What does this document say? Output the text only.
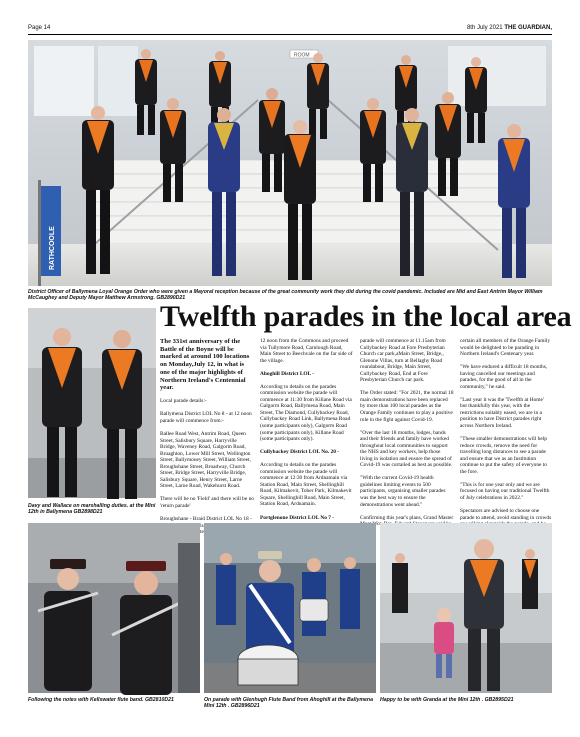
Page 14	8th July 2021 THE GUARDIAN,
RATHCOOLE
ROOM
District Officer of Ballymena Loyal Orange Order who were given a Mayoral reception because of the great community work they did during the covid pandemic. Included are Mid and East Antrim Mayor William McCaughey and Deputy Mayor Matthew Armstrong. GB2890D21
Davy and Wallace on marshalling duties. at the Mini 12th in Ballymena GB2898D21
Twelfth parades in the local area

The 331st anniversary of the Battle of the Boyne will be marked at around 100 locations on Monday,July 12, in what is one of the major highlights of Northern Ireland's Centennial year.

Local parade details:-

Ballymena District LOL No 8 - at 12 noon parade will commence from:-

Ballee Road West, Antrim Road, Queen Street, Salisbury Square, Harryville Bridge, Waveney Road, Galgorm Road, Bruaghton, Lower Mill Street, Wellington Street, Ballymoney Street, William Street, Broughshane Street, Broadway, Church Street, Bridge Street, Harryville Bridge, Salisbury Square, Henry Street, Larne Street, Larne Road, Wakehurst Road.

There will be no 'Field' and there will be no 'return parade'

Broughshane - Braid District LOL No 18 -

12 noon from the Commons and proceed via Tullymore Road, Carnlough Road, Main Street to Beechvale on the far side of the village.

Ahoghill District LOL -

According to details on the parades commission website the parade will commence at 11:30 from Killane Road via Galgorm Road, Ballymena Road, Main Street, The Diamond, Cullybackey Road, Cullybackey Road Link, Ballymena Road (some participants only), Galgorm Road (some participants only), Killane Road (some participants only).

Cullybackey District LOL No. 20 -

According to details on the parades commission website the parade will commence at 12:30 from Ardnamain via Station Road, Main Street, Shellinghill Road, Kilmakevit, Tober Park, Kilmakevit Square, Shellinghill Road, Main Street, Station Road, Ardnamain.

Portglenone District LOL No 7 -

parade will commence at 11.15am from Cullybackey Road at Fore Presbyterian Church car park,aMain Street, Bridge,, Glenone Villas, turn at Bellaghy Road roundabout, Bridge, Main Street, Cullybackey Road, End at Fore Presbyterian Church car park.

The Order stated: "For 2021, the normal 18 main demonstrations have been replaced by more than 100 local parades as the Orange Family continues to play a positive role in the fight against Covid-19.

"Over the last 18 months, lodges, bands and their friends and family have worked throughout local communities to support the NHS and key workers, help those living in isolation and ensure the spread of Covid-19 was curtailed as best as possible.

"With the current Covid-19 health guidelines limiting events to 500 participants, organising smaller parades was the best way to ensure the demonstrations went ahead."

Confirming this year's plans, Grand Master Wor.

certain all members of the Orange Family would be delighted to be parading in Northern Ireland's Centenary year.

"We have endured a difficult 18 months, having cancelled our meetings and parades, for the good of all in the community," he said.

"Last year it was the 'Twelfth at Home' but thankfully this year, with the restrictions suitably eased, we are in a position to have District parades right across Northern Ireland.

"These smaller demonstrations will help reduce crowds, remove the need for travelling long distances to see a parade and ensure that we as an Institution continue to put the safety of everyone to the fore.

"This is for one year only and we are focused on having our traditional Twelfth of July celebrations in 2022."

Spectators are advised to choose one parade to attend, avoid standing in crowds

Following the notes with Kellswater flute band. GB2810D21	On parade with Glenhugh Flute Band from Ahoghill at the Ballymena Mini 12th . GB2896D21
Happy to be with Granda at the Mini 12th . GB2895D21
